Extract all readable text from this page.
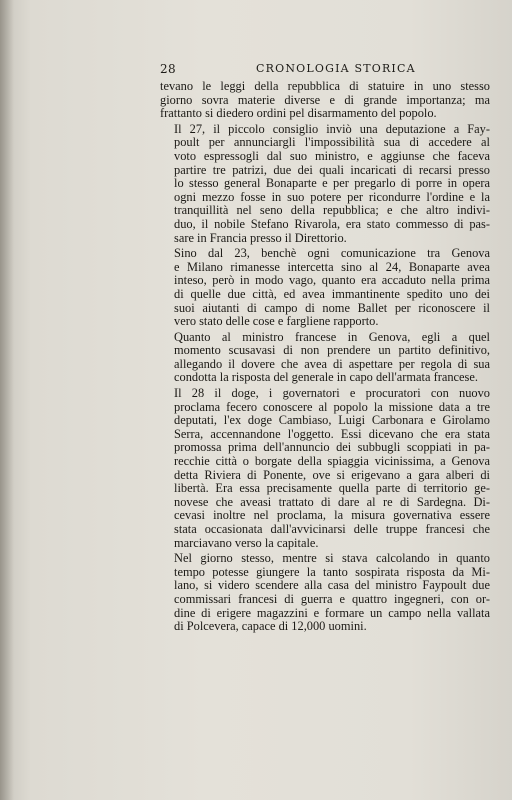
28	CRONOLOGIA STORICA

tevano le leggi della repubblica di statuire in uno stesso
giorno sovra materie diverse e di grande importanza; ma
frattanto si diedero ordini pel disarmamento del popolo.

Il 27, il piccolo consiglio inviò una deputazione a Fay-
poult per annunciargli l'impossibilità sua di accedere al
voto espressogli dal suo ministro, e aggiunse che faceva
partire tre patrizi, due dei quali incaricati di recarsi presso
lo stesso general Bonaparte e per pregarlo di porre in opera
ogni mezzo fosse in suo potere per ricondurre l'ordine e la
tranquillità nel seno della repubblica; e che altro indivi-
duo, il nobile Stefano Rivarola, era stato commesso di pas-
sare in Francia presso il Direttorio.

Sino dal 23, benchè ogni comunicazione tra Genova
e Milano rimanesse intercetta sino al 24, Bonaparte avea
inteso, però in modo vago, quanto era accaduto nella prima
di quelle due città, ed avea immantinente spedito uno dei
suoi aiutanti di campo di nome Ballet per riconoscere il
vero stato delle cose e fargliene rapporto.

Quanto al ministro francese in Genova, egli a quel
momento scusavasi di non prendere un partito definitivo,
allegando il dovere che avea di aspettare per regola di sua
condotta la risposta del generale in capo dell'armata francese.

Il 28 il doge, i governatori e procuratori con nuovo
proclama fecero conoscere al popolo la missione data a tre
deputati, l'ex doge Cambiaso, Luigi Carbonara e Girolamo
Serra, accennandone l'oggetto. Essi dicevano che era stata
promossa prima dell'annuncio dei subbugli scoppiati in pa-
recchie città o borgate della spiaggia vicinissima, a Genova
detta Riviera di Ponente, ove si erigevano a gara alberi di
libertà. Era essa precisamente quella parte di territorio ge-
novese che aveasi trattato di dare al re di Sardegna. Di-
cevasi inoltre nel proclama, la misura governativa essere
stata occasionata dall'avvicinarsi delle truppe francesi che
marciavano verso la capitale.

Nel giorno stesso, mentre si stava calcolando in quanto
tempo potesse giungere la tanto sospirata risposta da Mi-
lano, si videro scendere alla casa del ministro Faypoult due
commissari francesi di guerra e quattro ingegneri, con or-
dine di erigere magazzini e formare un campo nella vallata
di Polcevera, capace di 12,000 uomini.
